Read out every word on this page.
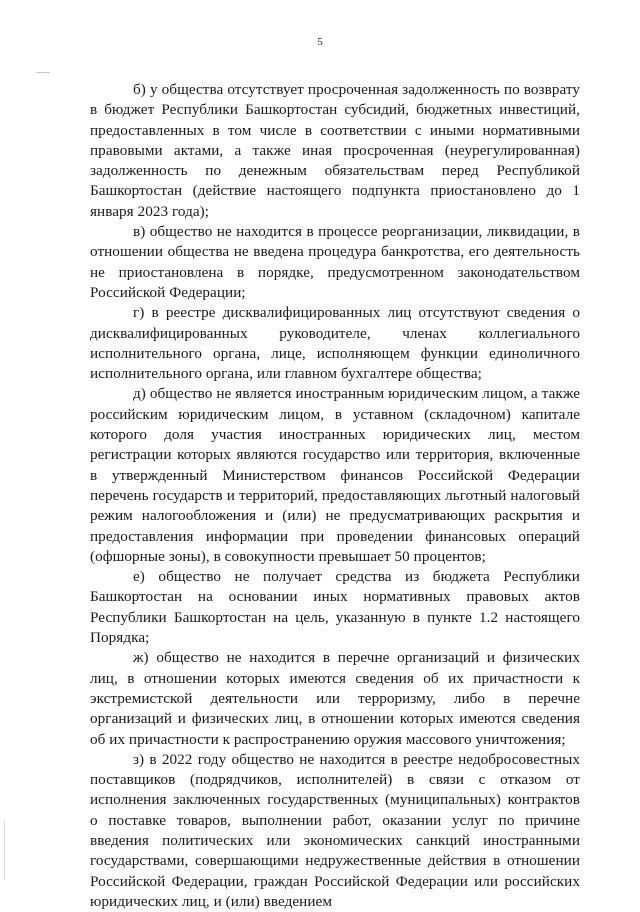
5

б) у общества отсутствует просроченная задолженность по возврату в бюджет Республики Башкортостан субсидий, бюджетных инвестиций, предоставленных в том числе в соответствии с иными нормативными правовыми актами, а также иная просроченная (неурегулированная) задолженность по денежным обязательствам перед Республикой Башкортостан (действие настоящего подпункта приостановлено до 1 января 2023 года);

в) общество не находится в процессе реорганизации, ликвидации, в отношении общества не введена процедура банкротства, его деятельность не приостановлена в порядке, предусмотренном законодательством Российской Федерации;

г) в реестре дисквалифицированных лиц отсутствуют сведения о дисквалифицированных руководителе, членах коллегиального исполнительного органа, лице, исполняющем функции единоличного исполнительного органа, или главном бухгалтере общества;

д) общество не является иностранным юридическим лицом, а также российским юридическим лицом, в уставном (складочном) капитале которого доля участия иностранных юридических лиц, местом регистрации которых являются государство или территория, включенные в утвержденный Министерством финансов Российской Федерации перечень государств и территорий, предоставляющих льготный налоговый режим налогообложения и (или) не предусматривающих раскрытия и предоставления информации при проведении финансовых операций (офшорные зоны), в совокупности превышает 50 процентов;

е) общество не получает средства из бюджета Республики Башкортостан на основании иных нормативных правовых актов Республики Башкортостан на цель, указанную в пункте 1.2 настоящего Порядка;

ж) общество не находится в перечне организаций и физических лиц, в отношении которых имеются сведения об их причастности к экстремистской деятельности или терроризму, либо в перечне организаций и физических лиц, в отношении которых имеются сведения об их причастности к распространению оружия массового уничтожения;

з) в 2022 году общество не находится в реестре недобросовестных поставщиков (подрядчиков, исполнителей) в связи с отказом от исполнения заключенных государственных (муниципальных) контрактов о поставке товаров, выполнении работ, оказании услуг по причине введения политических или экономических санкций иностранными государствами, совершающими недружественные действия в отношении Российской Федерации, граждан Российской Федерации или российских юридических лиц, и (или) введением
